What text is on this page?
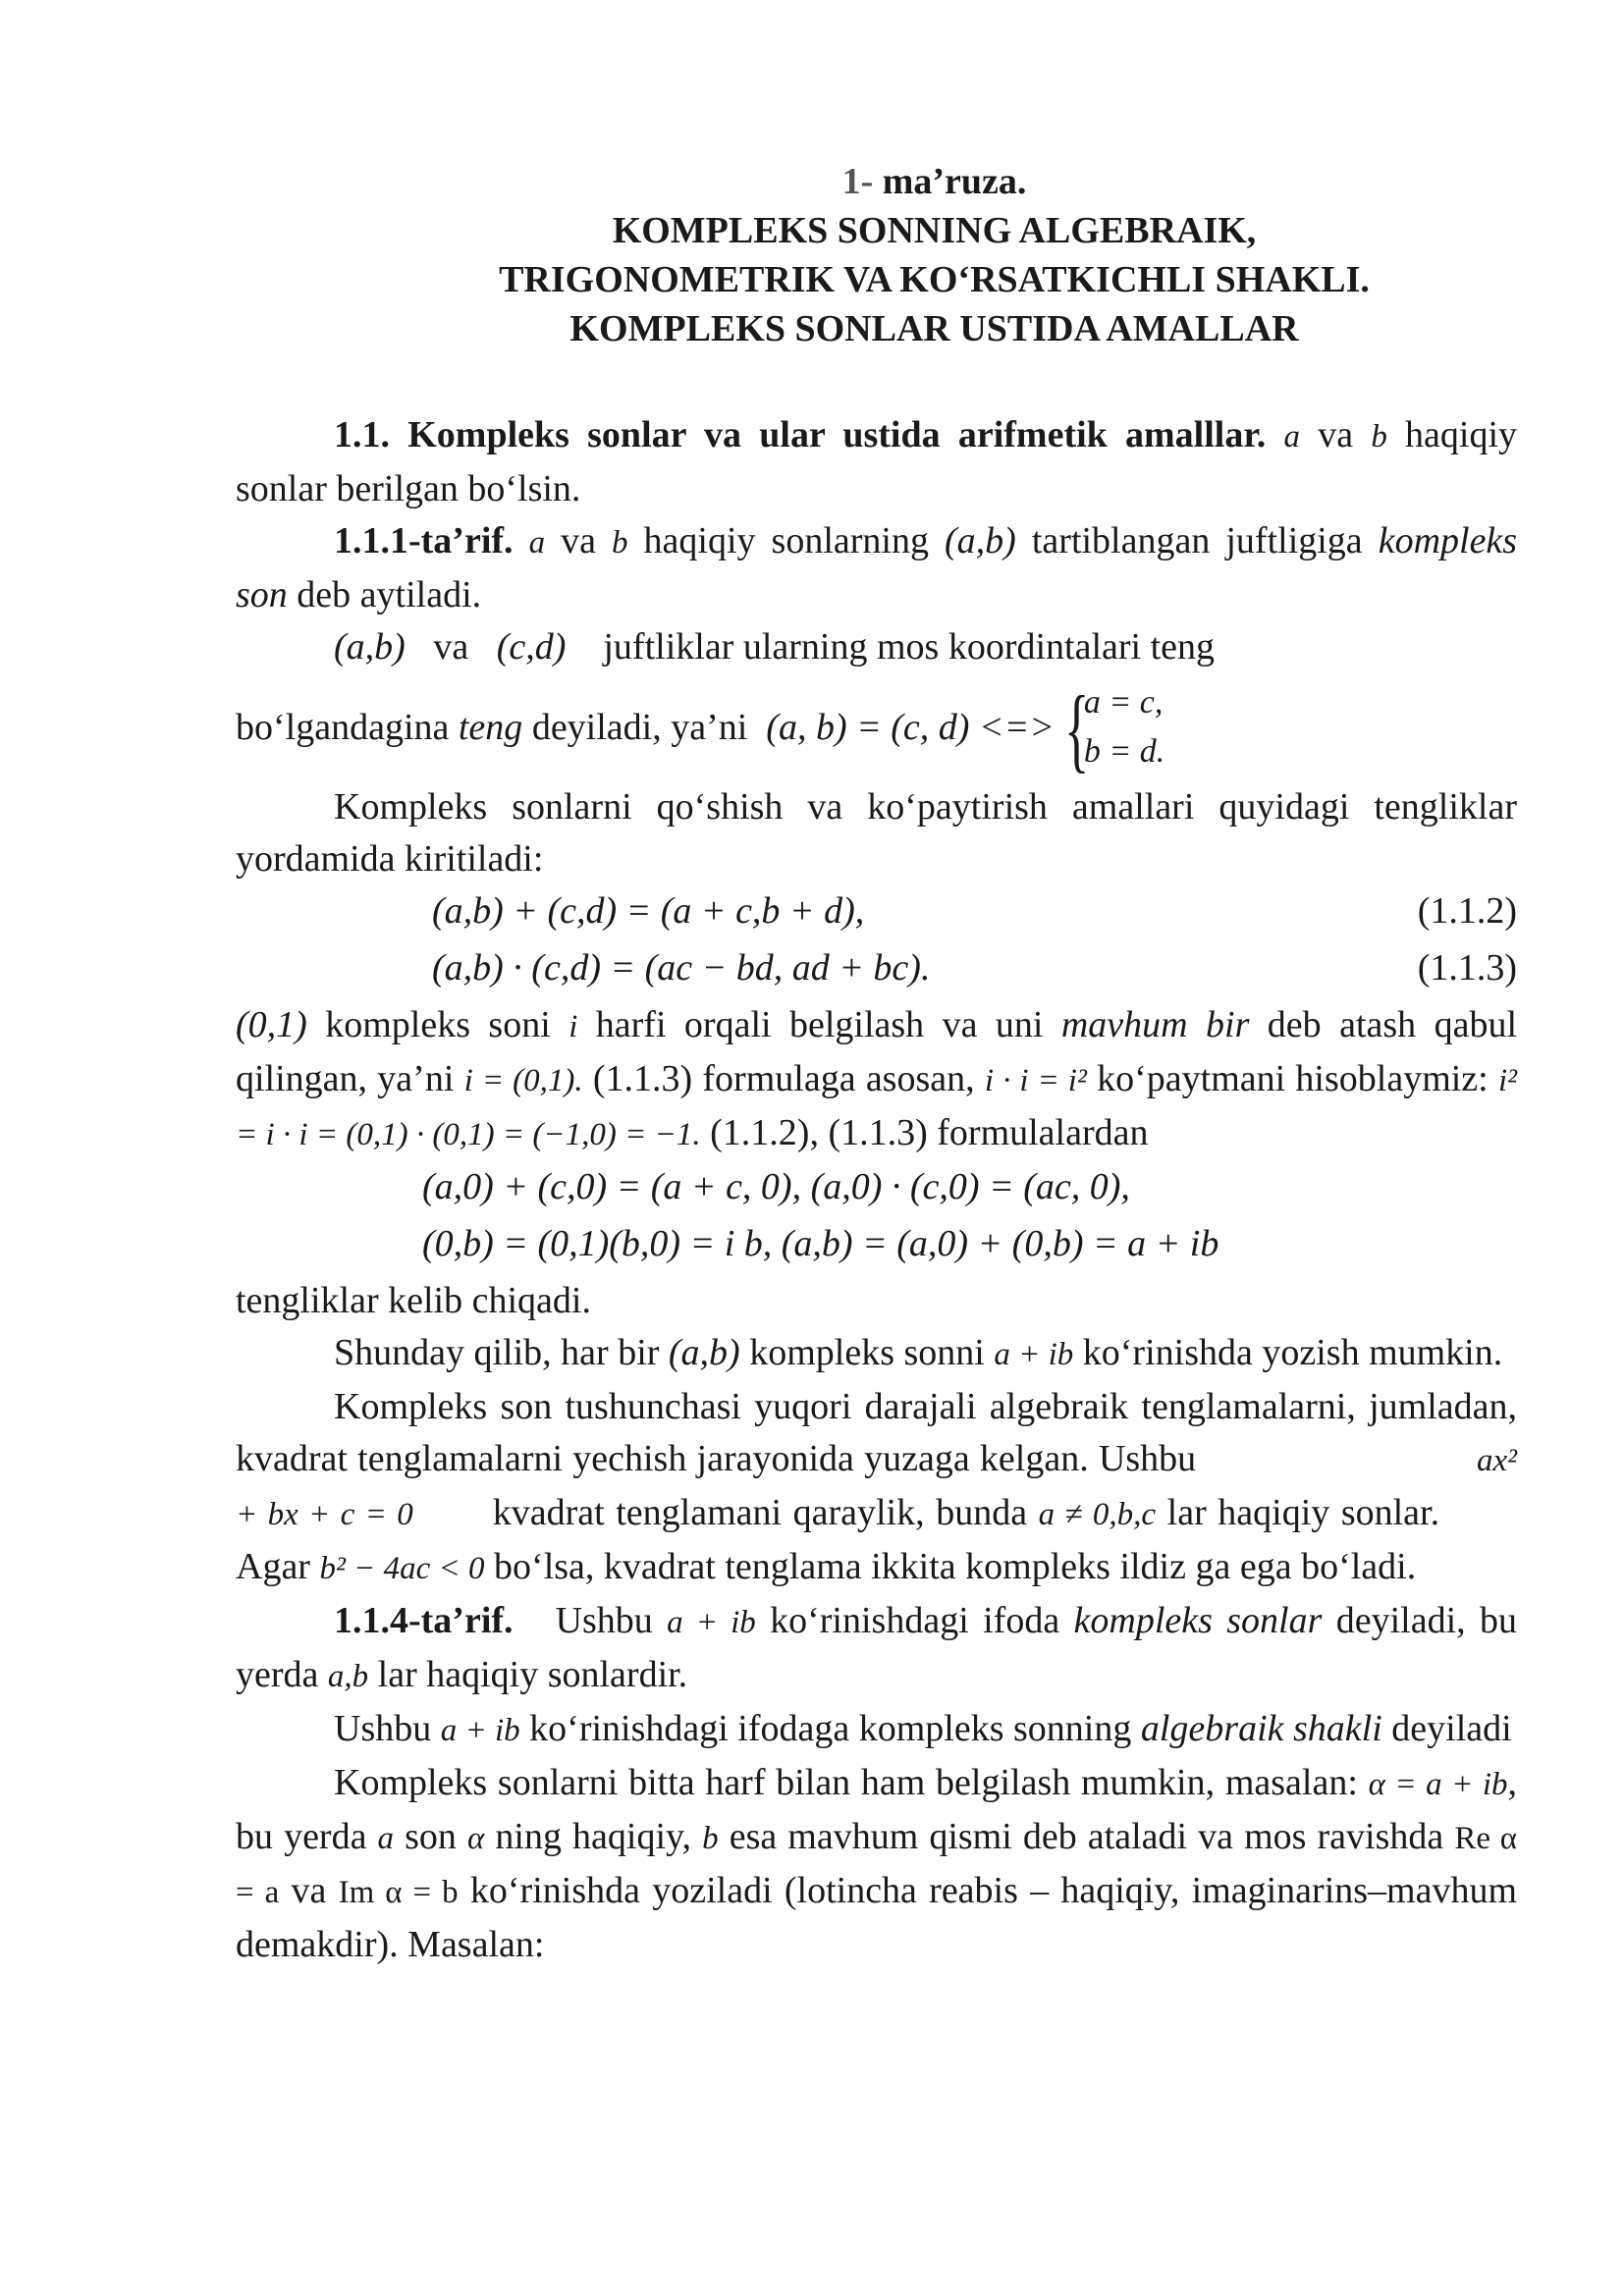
1- ma’ruza.
KOMPLEKS SONNING ALGEBRAIK,
TRIGONOMETRIK VA KO‘RSATKICHLI SHAKLI.
KOMPLEKS SONLAR USTIDA AMALLAR

1.1. Kompleks sonlar va ular ustida arifmetik amalllar. a va b haqiqiy sonlar berilgan bo‘lsin.

1.1.1-ta’rif. a va b haqiqiy sonlarning (a,b) tartiblangan juftligiga kompleks son deb aytiladi.

(a,b) va (c,d) juftliklar ularning mos koordintalari teng

bo‘lgandagina
teng
deyiladi, ya’ni
(a, b) = (c, d) <=> {
a = c,
b = d.

Kompleks sonlarni qo‘shish va ko‘paytirish amallari quyidagi tengliklar yordamida kiritiladi:

(a,b) + (c,d) = (a + c,b + d),	(1.1.2)
(a,b) · (c,d) = (ac − bd, ad + bc).	(1.1.3)

(0,1) kompleks soni i harfi orqali belgilash va uni mavhum bir deb atash qabul qilingan, ya’ni i = (0,1). (1.1.3) formulaga asosan, i · i = i² ko‘paytmani hisoblaymiz: i² = i · i = (0,1) · (0,1) = (−1,0) = −1. (1.1.2), (1.1.3) formulalardan

(a,0) + (c,0) = (a + c, 0), (a,0) · (c,0) = (ac, 0),
(0,b) = (0,1)(b,0) = i b, (a,b) = (a,0) + (0,b) = a + ib

tengliklar kelib chiqadi.

Shunday qilib, har bir (a,b) kompleks sonni a + ib ko‘rinishda yozish mumkin.

Kompleks son tushunchasi yuqori darajali algebraik tenglamalarni, jumladan, kvadrat tenglamalarni yechish jarayonida yuzaga kelgan. Ushbu	ax² + bx + c = 0 kvadrat tenglamani qaraylik, bunda a ≠ 0,b,c lar haqiqiy sonlar.        Agar b² − 4ac < 0 bo‘lsa, kvadrat tenglama ikkita kompleks ildiz ga ega bo‘ladi.

1.1.4-ta’rif. Ushbu a + ib ko‘rinishdagi ifoda kompleks sonlar deyiladi, bu yerda a,b lar haqiqiy sonlardir.

Ushbu a + ib ko‘rinishdagi ifodaga kompleks sonning algebraik shakli deyiladi

Kompleks sonlarni bitta harf bilan ham belgilash mumkin, masalan: α = a + ib, bu yerda a son α ning haqiqiy, b esa mavhum qismi deb ataladi va mos ravishda Re α = a va Im α = b ko‘rinishda yoziladi (lotincha reabis – haqiqiy, imaginarins–mavhum demakdir). Masalan:
